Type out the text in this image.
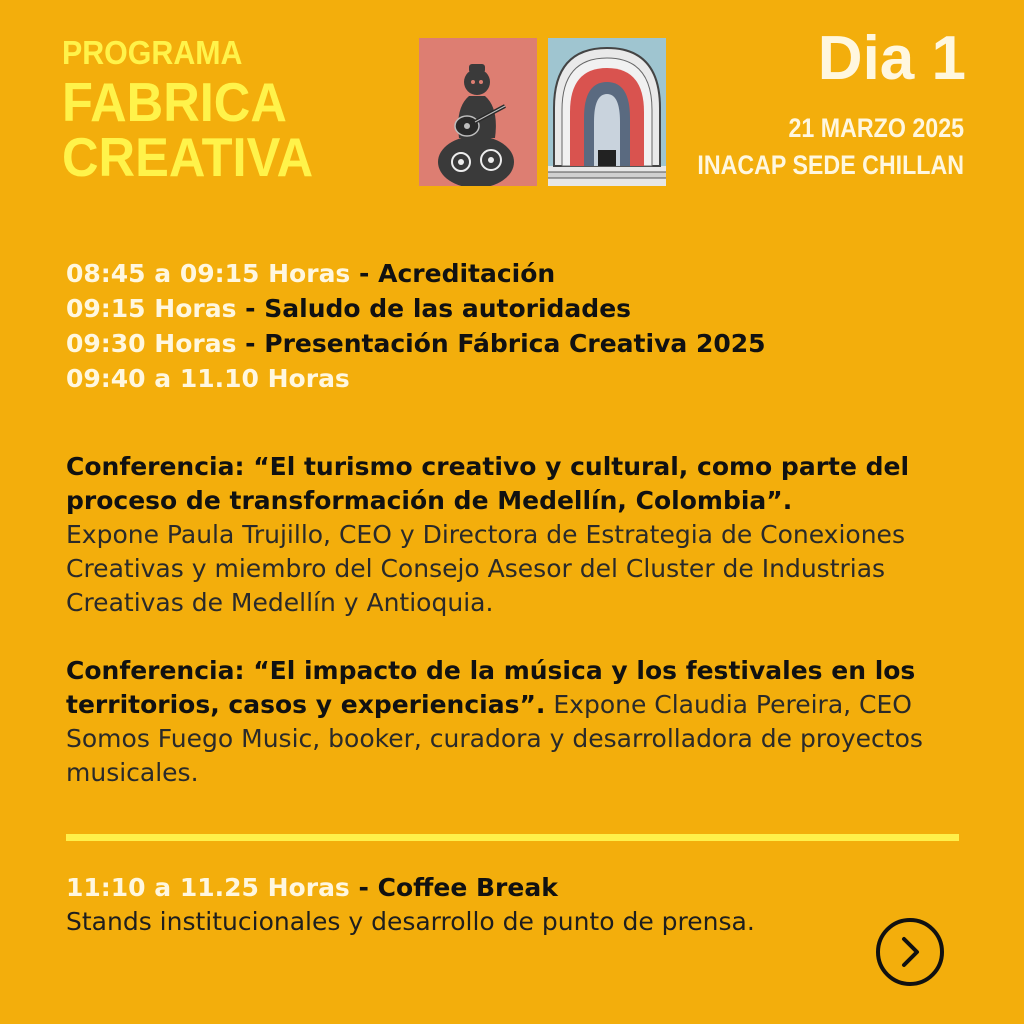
PROGRAMA
FABRICA
CREATIVA
Dia 1
21 MARZO 2025
INACAP SEDE CHILLAN
08:45 a 09:15 Horas - Acreditación
09:15 Horas - Saludo de las autoridades
09:30 Horas - Presentación Fábrica Creativa 2025
09:40 a 11.10 Horas
Conferencia: “El turismo creativo y cultural, como parte del proceso de transformación de Medellín, Colombia”.
Expone Paula Trujillo, CEO y Directora de Estrategia de Conexiones Creativas y miembro del Consejo Asesor del Cluster de Industrias Creativas de Medellín y Antioquia.
Conferencia: “El impacto de la música y los festivales en los territorios, casos y experiencias”. Expone Claudia Pereira, CEO Somos Fuego Music, booker, curadora y desarrolladora de proyectos musicales.
11:10 a 11.25 Horas - Coffee Break
Stands institucionales y desarrollo de punto de prensa.
